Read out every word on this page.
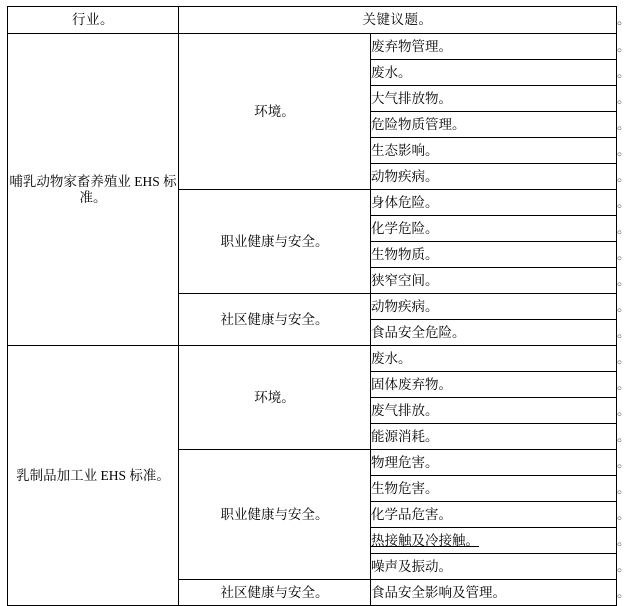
行业。	关键议题。		。
哺乳动物家畜养殖业 EHS 标准。	环境。	废弃物管理。	。
		废水。	。
		大气排放物。	。
		危险物质管理。	。
		生态影响。	。
		动物疾病。	。
	职业健康与安全。	身体危险。	。
		化学危险。	。
		生物物质。	。
		狭窄空间。	。
	社区健康与安全。	动物疾病。	。
		食品安全危险。	。
乳制品加工业 EHS 标准。	环境。	废水。	。
		固体废弃物。	。
		废气排放。	。
		能源消耗。	。
	职业健康与安全。	物理危害。	。
		生物危害。	。
		化学品危害。	。
		热接触及冷接触。	。
		噪声及振动。	。
	社区健康与安全。	食品安全影响及管理。	。
